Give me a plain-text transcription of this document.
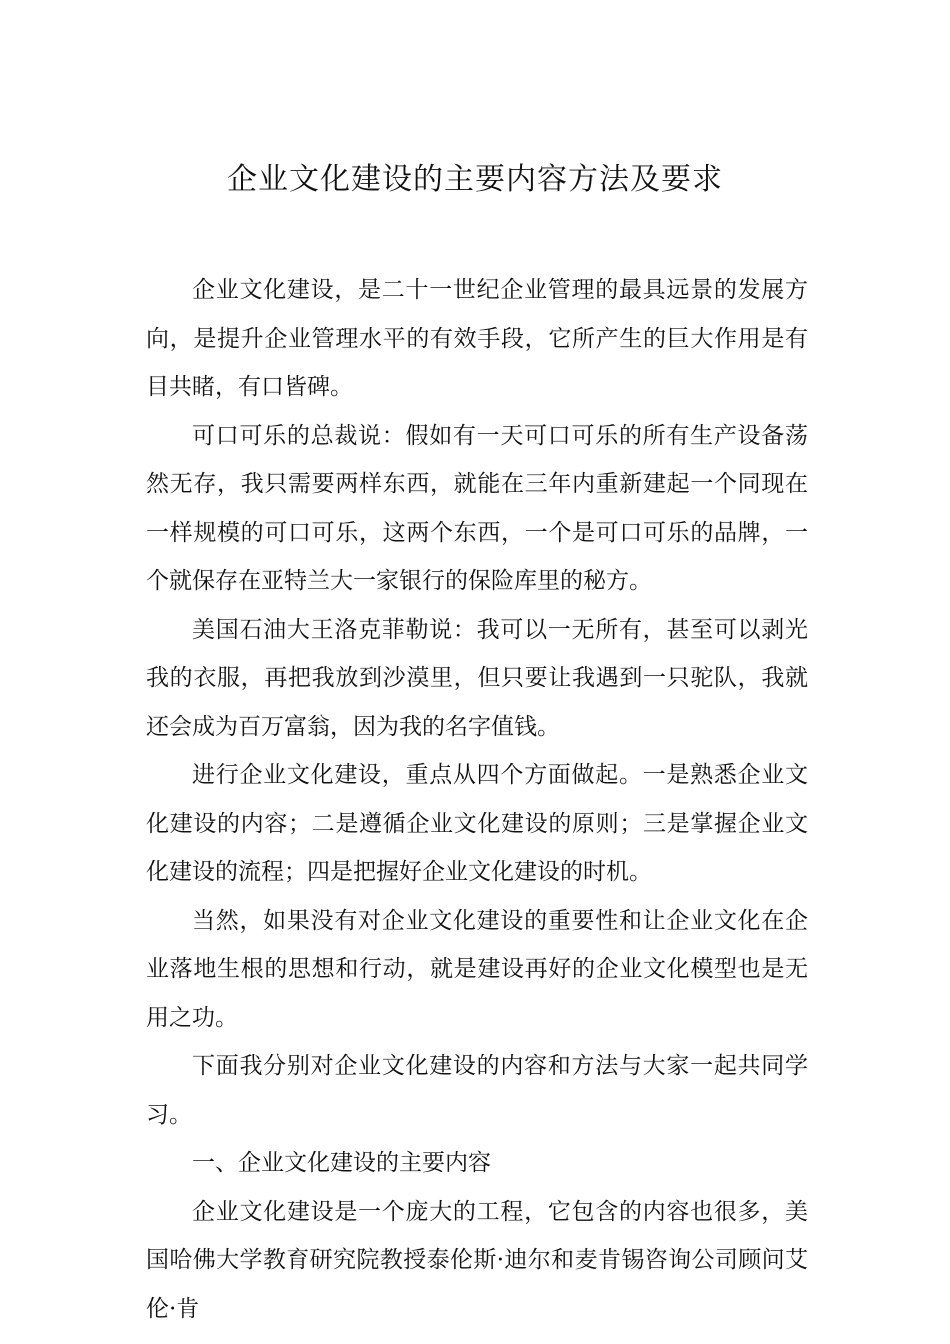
企业文化建设的主要内容方法及要求

企业文化建设，是二十一世纪企业管理的最具远景的发展方向，是提升企业管理水平的有效手段，它所产生的巨大作用是有目共睹，有口皆碑。

可口可乐的总裁说：假如有一天可口可乐的所有生产设备荡然无存，我只需要两样东西，就能在三年内重新建起一个同现在一样规模的可口可乐，这两个东西，一个是可口可乐的品牌，一个就保存在亚特兰大一家银行的保险库里的秘方。

美国石油大王洛克菲勒说：我可以一无所有，甚至可以剥光我的衣服，再把我放到沙漠里，但只要让我遇到一只驼队，我就还会成为百万富翁，因为我的名字值钱。

进行企业文化建设，重点从四个方面做起。一是熟悉企业文化建设的内容；二是遵循企业文化建设的原则；三是掌握企业文化建设的流程；四是把握好企业文化建设的时机。

当然，如果没有对企业文化建设的重要性和让企业文化在企业落地生根的思想和行动，就是建设再好的企业文化模型也是无用之功。

下面我分别对企业文化建设的内容和方法与大家一起共同学习。

一、企业文化建设的主要内容

企业文化建设是一个庞大的工程，它包含的内容也很多，美国哈佛大学教育研究院教授泰伦斯·迪尔和麦肯锡咨询公司顾问艾伦·肯
